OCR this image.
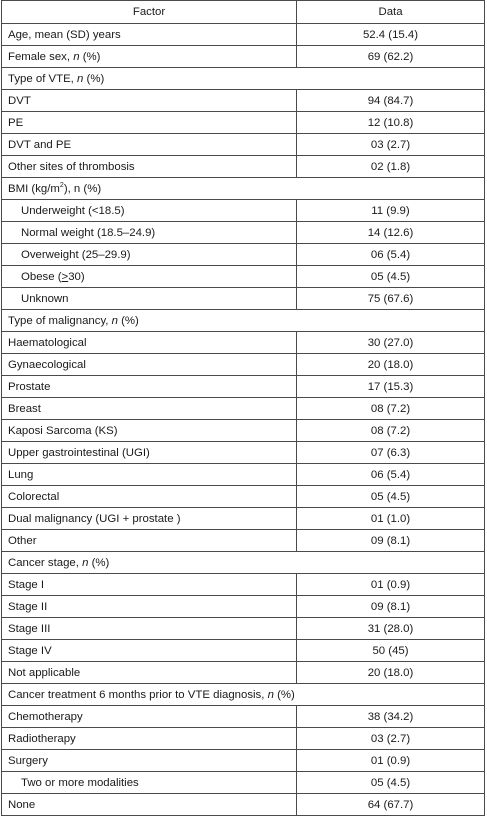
Factor	Data
Age, mean (SD) years	52.4 (15.4)
Female sex, n (%)	69 (62.2)
Type of VTE, n (%)	
DVT	94 (84.7)
PE	12 (10.8)
DVT and PE	03 (2.7)
Other sites of thrombosis	02 (1.8)
BMI $(kg/m^2)$, n (%)	
Underweight (<18.5)	11 (9.9)
Normal weight (18.5–24.9)	14 (12.6)
Overweight (25–29.9)	06 (5.4)
Obese (>30)	05 (4.5)
Unknown	75 (67.6)
Type of malignancy, n (%)	
Haematological	30 (27.0)
Gynaecological	20 (18.0)
Prostate	17 (15.3)
Breast	08 (7.2)
Kaposi Sarcoma (KS)	08 (7.2)
Upper gastrointestinal (UGI)	07 (6.3)
Lung	06 (5.4)
Colorectal	05 (4.5)
Dual malignancy (UGI + prostate )	01 (1.0)
Other	09 (8.1)
Cancer stage, n (%)	
Stage I	01 (0.9)
Stage II	09 (8.1)
Stage III	31 (28.0)
Stage IV	50 (45)
Not applicable	20 (18.0)
Cancer treatment 6 months prior to VTE diagnosis, n (%)	
Chemotherapy	38 (34.2)
Radiotherapy	03 (2.7)
Surgery	01 (0.9)
Two or more modalities	05 (4.5)
None	64 (67.7)
